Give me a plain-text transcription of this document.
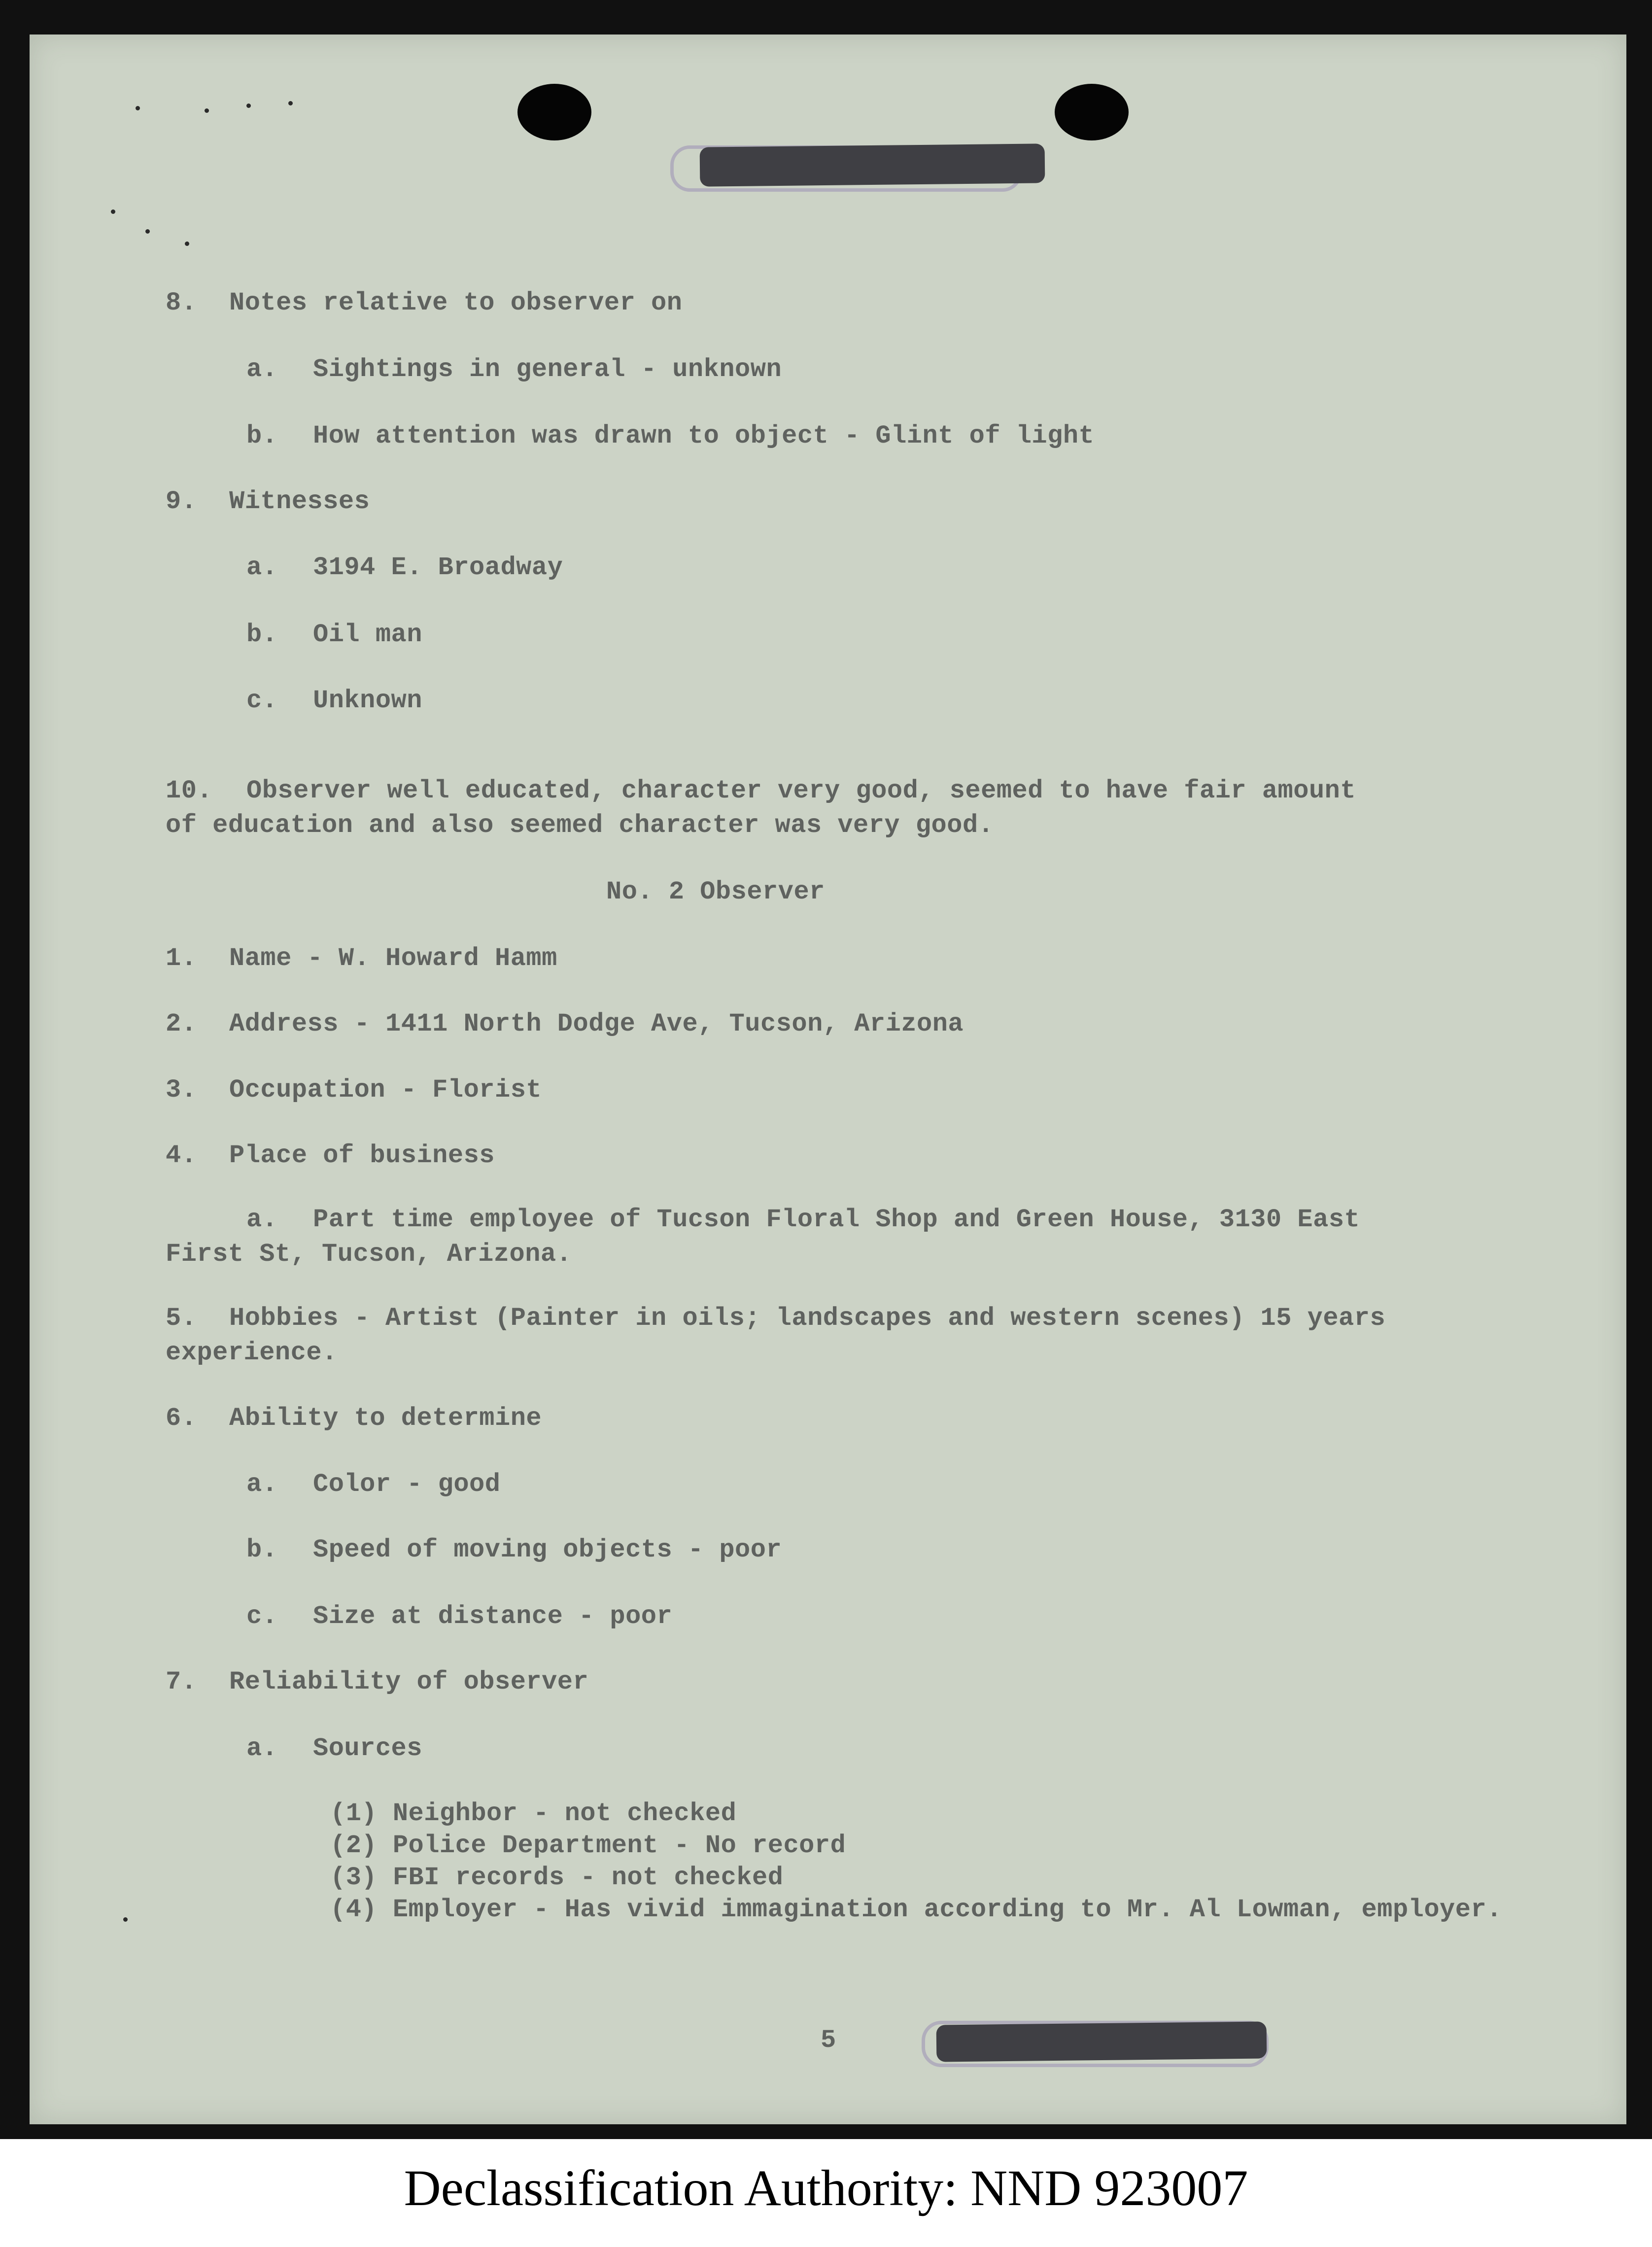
8. Notes relative to observer on
a. Sightings in general - unknown
b. How attention was drawn to object - Glint of light
9. Witnesses
a. 3194 E. Broadway
b. Oil man
c. Unknown
10. Observer well educated, character very good, seemed to have fair amount
of education and also seemed character was very good.
No. 2 Observer
1. Name - W. Howard Hamm
2. Address - 1411 North Dodge Ave, Tucson, Arizona
3. Occupation - Florist
4. Place of business
a. Part time employee of Tucson Floral Shop and Green House, 3130 East
First St, Tucson, Arizona.
5. Hobbies - Artist (Painter in oils; landscapes and western scenes) 15 years
experience.
6. Ability to determine
a. Color - good
b. Speed of moving objects - poor
c. Size at distance - poor
7. Reliability of observer
a. Sources
(1) Neighbor - not checked
(2) Police Department - No record
(3) FBI records - not checked
(4) Employer - Has vivid immagination according to Mr. Al Lowman, employer.
5
Declassification Authority: NND 923007
